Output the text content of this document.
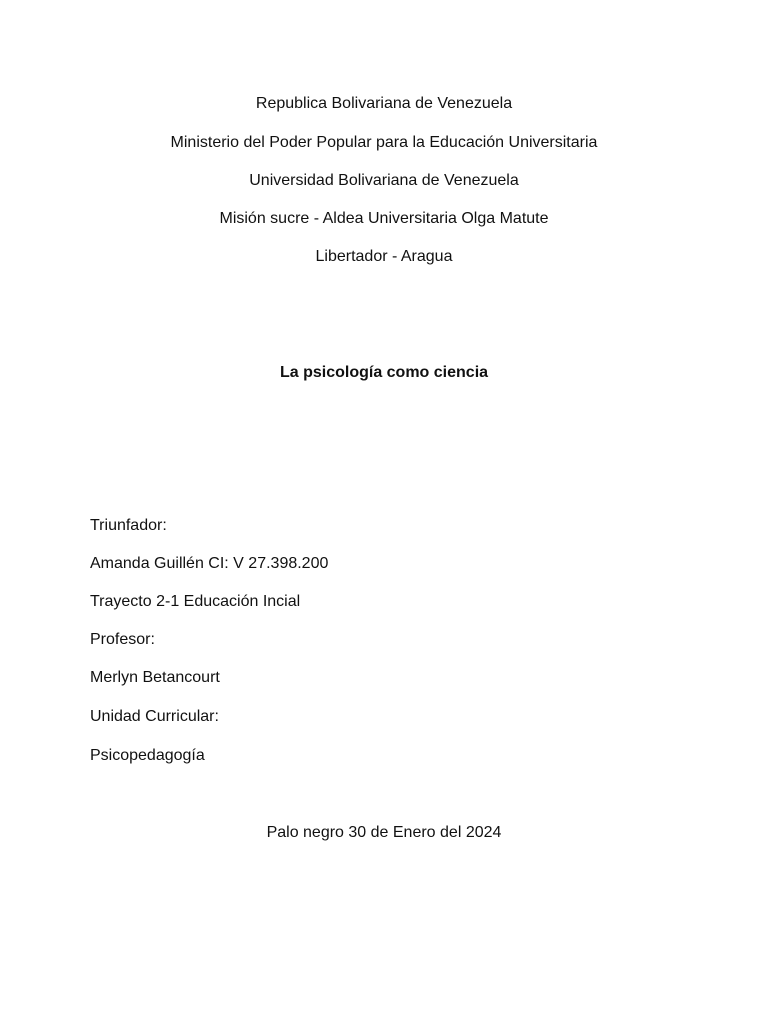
Republica Bolivariana de Venezuela
Ministerio del Poder Popular para la Educación Universitaria
Universidad Bolivariana de Venezuela
Misión sucre - Aldea Universitaria Olga Matute
Libertador - Aragua
La psicología como ciencia
Triunfador:
Amanda Guillén CI: V 27.398.200
Trayecto 2-1 Educación Incial
Profesor:
Merlyn Betancourt
Unidad Curricular:
Psicopedagogía
Palo negro 30 de Enero del 2024
